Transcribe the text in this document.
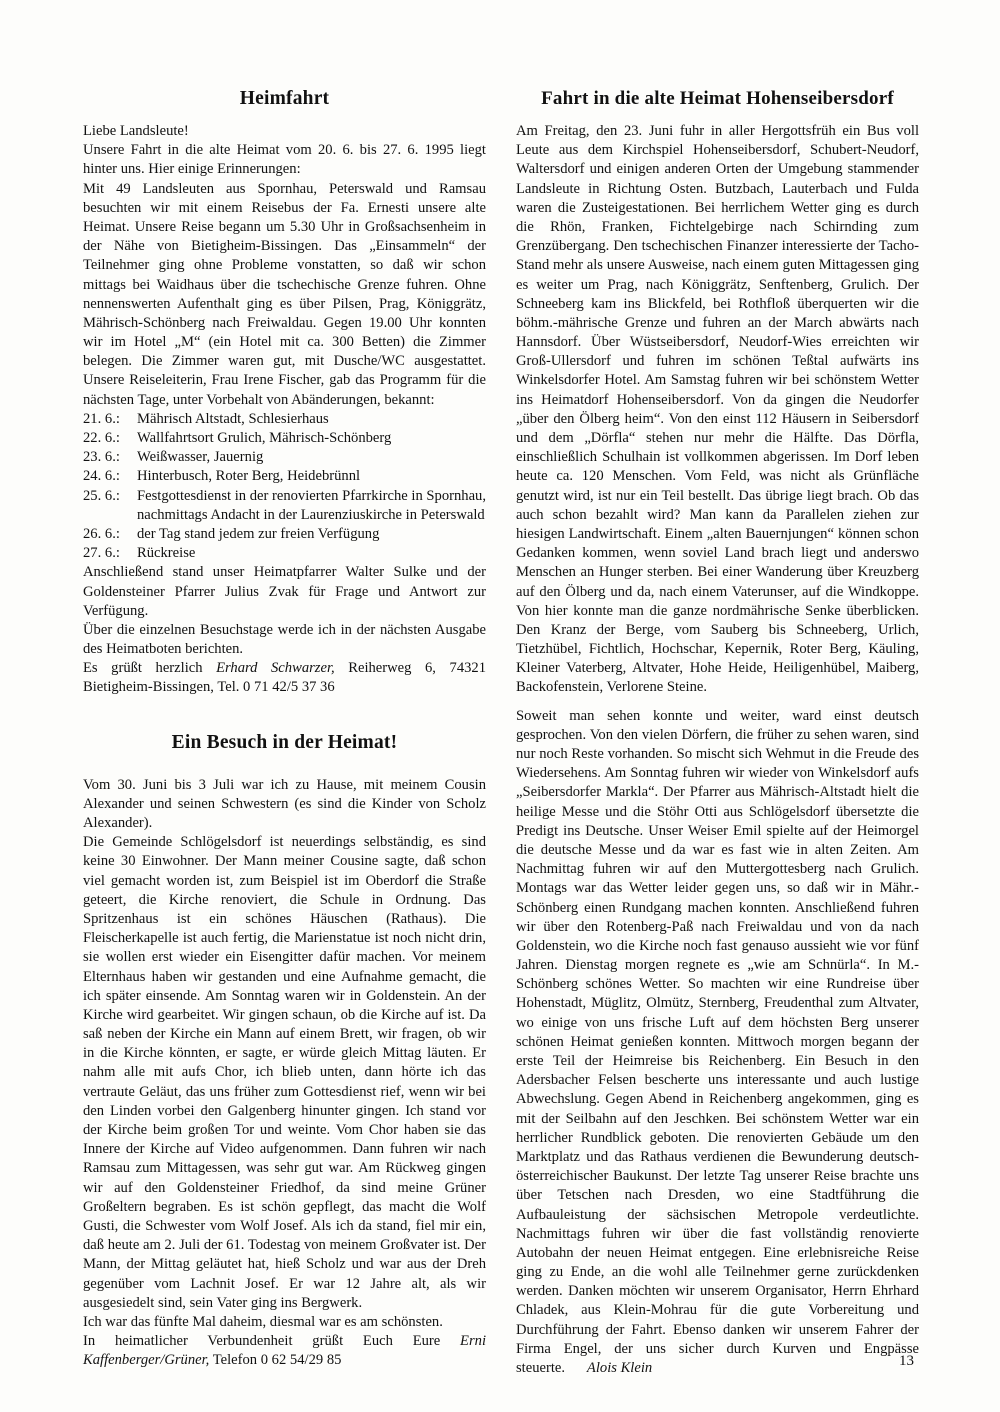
Heimfahrt

Liebe Landsleute!

Unsere Fahrt in die alte Heimat vom 20. 6. bis 27. 6. 1995 liegt hinter uns. Hier einige Erinnerungen:

Mit 49 Landsleuten aus Spornhau, Peterswald und Ramsau besuchten wir mit einem Reisebus der Fa. Ernesti unsere alte Heimat. Unsere Reise begann um 5.30 Uhr in Großsachsenheim in der Nähe von Bietigheim-Bissingen. Das „Einsammeln“ der Teilnehmer ging ohne Probleme vonstatten, so daß wir schon mittags bei Waidhaus über die tschechische Grenze fuhren. Ohne nennenswerten Aufenthalt ging es über Pilsen, Prag, Königgrätz, Mährisch-Schönberg nach Freiwaldau. Gegen 19.00 Uhr konnten wir im Hotel „M“ (ein Hotel mit ca. 300 Betten) die Zimmer belegen. Die Zimmer waren gut, mit Dusche/WC ausgestattet. Unsere Reiseleiterin, Frau Irene Fischer, gab das Programm für die nächsten Tage, unter Vorbehalt von Abänderungen, bekannt:

21. 6.:	Mährisch Altstadt, Schlesierhaus
22. 6.:	Wallfahrtsort Grulich, Mährisch-Schönberg
23. 6.:	Weißwasser, Jauernig
24. 6.:	Hinterbusch, Roter Berg, Heidebrünnl
25. 6.:	Festgottesdienst in der renovierten Pfarrkirche in Spornhau, nachmittags Andacht in der Laurenziuskirche in Peterswald
26. 6.:	der Tag stand jedem zur freien Verfügung
27. 6.:	Rückreise

Anschließend stand unser Heimatpfarrer Walter Sulke und der Goldensteiner Pfarrer Julius Zvak für Frage und Antwort zur Verfügung.

Über die einzelnen Besuchstage werde ich in der nächsten Ausgabe des Heimatboten berichten.

Es grüßt herzlich Erhard Schwarzer, Reiherweg 6, 74321 Bietigheim-Bissingen, Tel. 0 71 42/5 37 36

Ein Besuch in der Heimat!

Vom 30. Juni bis 3 Juli war ich zu Hause, mit meinem Cousin Alexander und seinen Schwestern (es sind die Kinder von Scholz Alexander).

Die Gemeinde Schlögelsdorf ist neuerdings selbständig, es sind keine 30 Einwohner. Der Mann meiner Cousine sagte, daß schon viel gemacht worden ist, zum Beispiel ist im Oberdorf die Straße geteert, die Kirche renoviert, die Schule in Ordnung. Das Spritzenhaus ist ein schönes Häuschen (Rathaus). Die Fleischerkapelle ist auch fertig, die Marienstatue ist noch nicht drin, sie wollen erst wieder ein Eisengitter dafür machen. Vor meinem Elternhaus haben wir gestanden und eine Aufnahme gemacht, die ich später einsende. Am Sonntag waren wir in Goldenstein. An der Kirche wird gearbeitet. Wir gingen schaun, ob die Kirche auf ist. Da saß neben der Kirche ein Mann auf einem Brett, wir fragen, ob wir in die Kirche könnten, er sagte, er würde gleich Mittag läuten. Er nahm alle mit aufs Chor, ich blieb unten, dann hörte ich das vertraute Geläut, das uns früher zum Gottesdienst rief, wenn wir bei den Linden vorbei den Galgenberg hinunter gingen. Ich stand vor der Kirche beim großen Tor und weinte. Vom Chor haben sie das Innere der Kirche auf Video aufgenommen. Dann fuhren wir nach Ramsau zum Mittagessen, was sehr gut war. Am Rückweg gingen wir auf den Goldensteiner Friedhof, da sind meine Grüner Großeltern begraben. Es ist schön gepflegt, das macht die Wolf Gusti, die Schwester vom Wolf Josef. Als ich da stand, fiel mir ein, daß heute am 2. Juli der 61. Todestag von meinem Großvater ist. Der Mann, der Mittag geläutet hat, hieß Scholz und war aus der Dreh gegenüber vom Lachnit Josef. Er war 12 Jahre alt, als wir ausgesiedelt sind, sein Vater ging ins Bergwerk.

Ich war das fünfte Mal daheim, diesmal war es am schönsten.

In heimatlicher Verbundenheit grüßt Euch Eure Erni Kaffenberger/Grüner, Telefon 0 62 54/29 85

Fahrt in die alte Heimat Hohenseibersdorf

Am Freitag, den 23. Juni fuhr in aller Hergottsfrüh ein Bus voll Leute aus dem Kirchspiel Hohenseibersdorf, Schubert-Neudorf, Waltersdorf und einigen anderen Orten der Umgebung stammender Landsleute in Richtung Osten. Butzbach, Lauterbach und Fulda waren die Zusteigestationen. Bei herrlichem Wetter ging es durch die Rhön, Franken, Fichtelgebirge nach Schirnding zum Grenzübergang. Den tschechischen Finanzer interessierte der Tacho-Stand mehr als unsere Ausweise, nach einem guten Mittagessen ging es weiter um Prag, nach Königgrätz, Senftenberg, Grulich. Der Schneeberg kam ins Blickfeld, bei Rothfloß überquerten wir die böhm.-mährische Grenze und fuhren an der March abwärts nach Hannsdorf. Über Wüstseibersdorf, Neudorf-Wies erreichten wir Groß-Ullersdorf und fuhren im schönen Teßtal aufwärts ins Winkelsdorfer Hotel. Am Samstag fuhren wir bei schönstem Wetter ins Heimatdorf Hohenseibersdorf. Von da gingen die Neudorfer „über den Ölberg heim“. Von den einst 112 Häusern in Seibersdorf und dem „Dörfla“ stehen nur mehr die Hälfte. Das Dörfla, einschließlich Schulhain ist vollkommen abgerissen. Im Dorf leben heute ca. 120 Menschen. Vom Feld, was nicht als Grünfläche genutzt wird, ist nur ein Teil bestellt. Das übrige liegt brach. Ob das auch schon bezahlt wird? Man kann da Parallelen ziehen zur hiesigen Landwirtschaft. Einem „alten Bauernjungen“ können schon Gedanken kommen, wenn soviel Land brach liegt und anderswo Menschen an Hunger sterben. Bei einer Wanderung über Kreuzberg auf den Ölberg und da, nach einem Vaterunser, auf die Windkoppe. Von hier konnte man die ganze nordmährische Senke überblicken. Den Kranz der Berge, vom Sauberg bis Schneeberg, Urlich, Tietzhübel, Fichtlich, Hochschar, Kepernik, Roter Berg, Käuling, Kleiner Vaterberg, Altvater, Hohe Heide, Heiligenhübel, Maiberg, Backofenstein, Verlorene Steine.

Soweit man sehen konnte und weiter, ward einst deutsch gesprochen. Von den vielen Dörfern, die früher zu sehen waren, sind nur noch Reste vorhanden. So mischt sich Wehmut in die Freude des Wiedersehens. Am Sonntag fuhren wir wieder von Winkelsdorf aufs „Seibersdorfer Markla“. Der Pfarrer aus Mährisch-Altstadt hielt die heilige Messe und die Stöhr Otti aus Schlögelsdorf übersetzte die Predigt ins Deutsche. Unser Weiser Emil spielte auf der Heimorgel die deutsche Messe und da war es fast wie in alten Zeiten. Am Nachmittag fuhren wir auf den Muttergottesberg nach Grulich. Montags war das Wetter leider gegen uns, so daß wir in Mähr.-Schönberg einen Rundgang machen konnten. Anschließend fuhren wir über den Rotenberg-Paß nach Freiwaldau und von da nach Goldenstein, wo die Kirche noch fast genauso aussieht wie vor fünf Jahren. Dienstag morgen regnete es „wie am Schnürla“. In M.-Schönberg schönes Wetter. So machten wir eine Rundreise über Hohenstadt, Müglitz, Olmütz, Sternberg, Freudenthal zum Altvater, wo einige von uns frische Luft auf dem höchsten Berg unserer schönen Heimat genießen konnten. Mittwoch morgen begann der erste Teil der Heimreise bis Reichenberg. Ein Besuch in den Adersbacher Felsen bescherte uns interessante und auch lustige Abwechslung. Gegen Abend in Reichenberg angekommen, ging es mit der Seilbahn auf den Jeschken. Bei schönstem Wetter war ein herrlicher Rundblick geboten. Die renovierten Gebäude um den Marktplatz und das Rathaus verdienen die Bewunderung deutsch-österreichischer Baukunst. Der letzte Tag unserer Reise brachte uns über Tetschen nach Dresden, wo eine Stadtführung die Aufbauleistung der sächsischen Metropole verdeutlichte. Nachmittags fuhren wir über die fast vollständig renovierte Autobahn der neuen Heimat entgegen. Eine erlebnisreiche Reise ging zu Ende, an die wohl alle Teilnehmer gerne zurückdenken werden. Danken möchten wir unserem Organisator, Herrn Ehrhard Chladek, aus Klein-Mohrau für die gute Vorbereitung und Durchführung der Fahrt. Ebenso danken wir unserem Fahrer der Firma Engel, der uns sicher durch Kurven und Engpässe steuerte. Alois Klein	13
